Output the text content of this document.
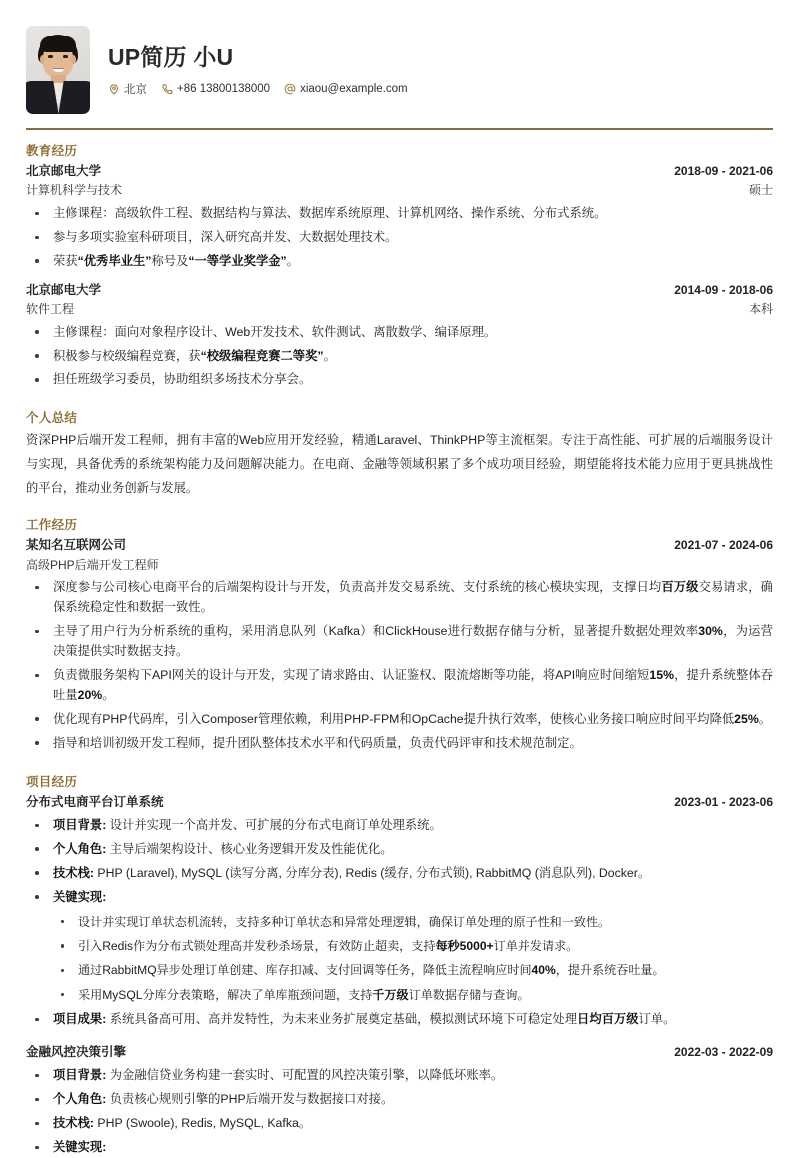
UP简历 小U
北京	+86 13800138000	xiaou@example.com
教育经历
北京邮电大学	2018-09 - 2021-06
计算机科学与技术	硕士
主修课程：高级软件工程、数据结构与算法、数据库系统原理、计算机网络、操作系统、分布式系统。
参与多项实验室科研项目，深入研究高并发、大数据处理技术。
荣获“优秀毕业生”称号及“一等学业奖学金”。
北京邮电大学	2014-09 - 2018-06
软件工程	本科
主修课程：面向对象程序设计、Web开发技术、软件测试、离散数学、编译原理。
积极参与校级编程竞赛，获“校级编程竞赛二等奖”。
担任班级学习委员，协助组织多场技术分享会。
个人总结
资深PHP后端开发工程师，拥有丰富的Web应用开发经验，精通Laravel、ThinkPHP等主流框架。专注于高性能、可扩展的后端服务设计与实现，具备优秀的系统架构能力及问题解决能力。在电商、金融等领域积累了多个成功项目经验，期望能将技术能力应用于更具挑战性的平台，推动业务创新与发展。
工作经历
某知名互联网公司	2021-07 - 2024-06
高级PHP后端开发工程师
深度参与公司核心电商平台的后端架构设计与开发，负责高并发交易系统、支付系统的核心模块实现，支撑日均百万级交易请求，确保系统稳定性和数据一致性。
主导了用户行为分析系统的重构，采用消息队列（Kafka）和ClickHouse进行数据存储与分析，显著提升数据处理效率30%，为运营决策提供实时数据支持。
负责微服务架构下API网关的设计与开发，实现了请求路由、认证鉴权、限流熔断等功能，将API响应时间缩短15%，提升系统整体吞吐量20%。
优化现有PHP代码库，引入Composer管理依赖，利用PHP-FPM和OpCache提升执行效率，使核心业务接口响应时间平均降低25%。
指导和培训初级开发工程师，提升团队整体技术水平和代码质量，负责代码评审和技术规范制定。
项目经历
分布式电商平台订单系统	2023-01 - 2023-06
项目背景: 设计并实现一个高并发、可扩展的分布式电商订单处理系统。
个人角色: 主导后端架构设计、核心业务逻辑开发及性能优化。
技术栈: PHP (Laravel), MySQL (读写分离, 分库分表), Redis (缓存, 分布式锁), RabbitMQ (消息队列), Docker。
关键实现:
设计并实现订单状态机流转，支持多种订单状态和异常处理逻辑，确保订单处理的原子性和一致性。
引入Redis作为分布式锁处理高并发秒杀场景，有效防止超卖，支持每秒5000+订单并发请求。
通过RabbitMQ异步处理订单创建、库存扣减、支付回调等任务，降低主流程响应时间40%，提升系统吞吐量。
采用MySQL分库分表策略，解决了单库瓶颈问题，支持千万级订单数据存储与查询。
项目成果: 系统具备高可用、高并发特性，为未来业务扩展奠定基础，模拟测试环境下可稳定处理日均百万级订单。
金融风控决策引擎	2022-03 - 2022-09
项目背景: 为金融信贷业务构建一套实时、可配置的风控决策引擎，以降低坏账率。
个人角色: 负责核心规则引擎的PHP后端开发与数据接口对接。
技术栈: PHP (Swoole), Redis, MySQL, Kafka。
关键实现:
